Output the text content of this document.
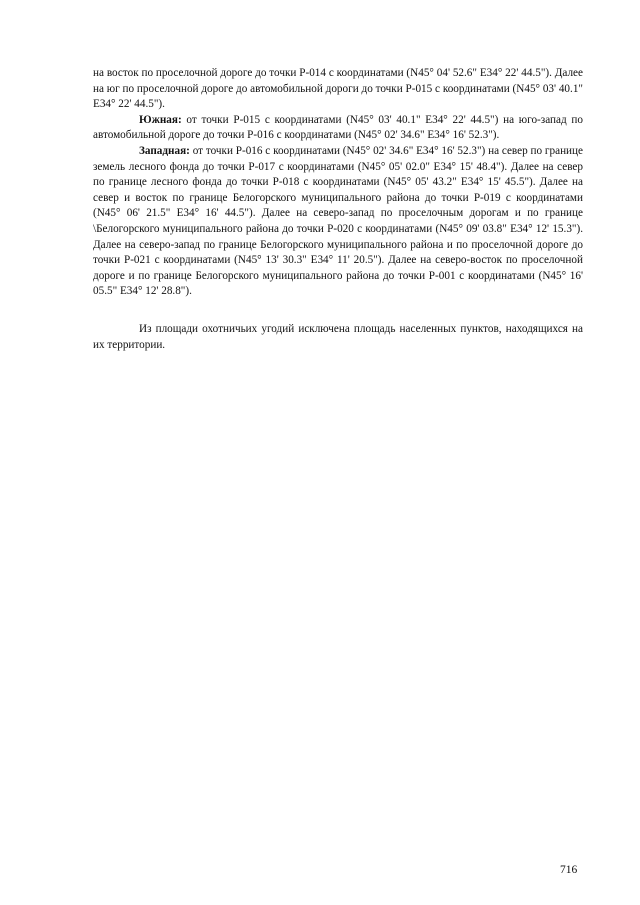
на восток по проселочной дороге до точки Р-014 с координатами (N45° 04' 52.6" E34° 22' 44.5"). Далее на юг по проселочной дороге до автомобильной дороги до точки Р-015 с координатами (N45° 03' 40.1" E34° 22' 44.5").

Южная: от точки Р-015 с координатами (N45° 03' 40.1" E34° 22' 44.5") на юго-запад по автомобильной дороге до точки Р-016 с координатами (N45° 02' 34.6" E34° 16' 52.3").

Западная: от точки Р-016 с координатами (N45° 02' 34.6" E34° 16' 52.3") на север по границе земель лесного фонда до точки Р-017 с координатами (N45° 05' 02.0" E34° 15' 48.4"). Далее на север по границе лесного фонда до точки Р-018 с координатами (N45° 05' 43.2" E34° 15' 45.5"). Далее на север и восток по границе Белогорского муниципального района до точки Р-019 с координатами (N45° 06' 21.5" E34° 16' 44.5"). Далее на северо-запад по проселочным дорогам и по границе \Белогорского муниципального района до точки Р-020 с координатами (N45° 09' 03.8" E34° 12' 15.3"). Далее на северо-запад по границе Белогорского муниципального района и по проселочной дороге до точки Р-021 с координатами (N45° 13' 30.3" E34° 11' 20.5"). Далее на северо-восток по проселочной дороге и по границе Белогорского муниципального района до точки Р-001 с координатами (N45° 16' 05.5" E34° 12' 28.8").

Из площади охотничьих угодий исключена площадь населенных пунктов, находящихся на их территории.

716
